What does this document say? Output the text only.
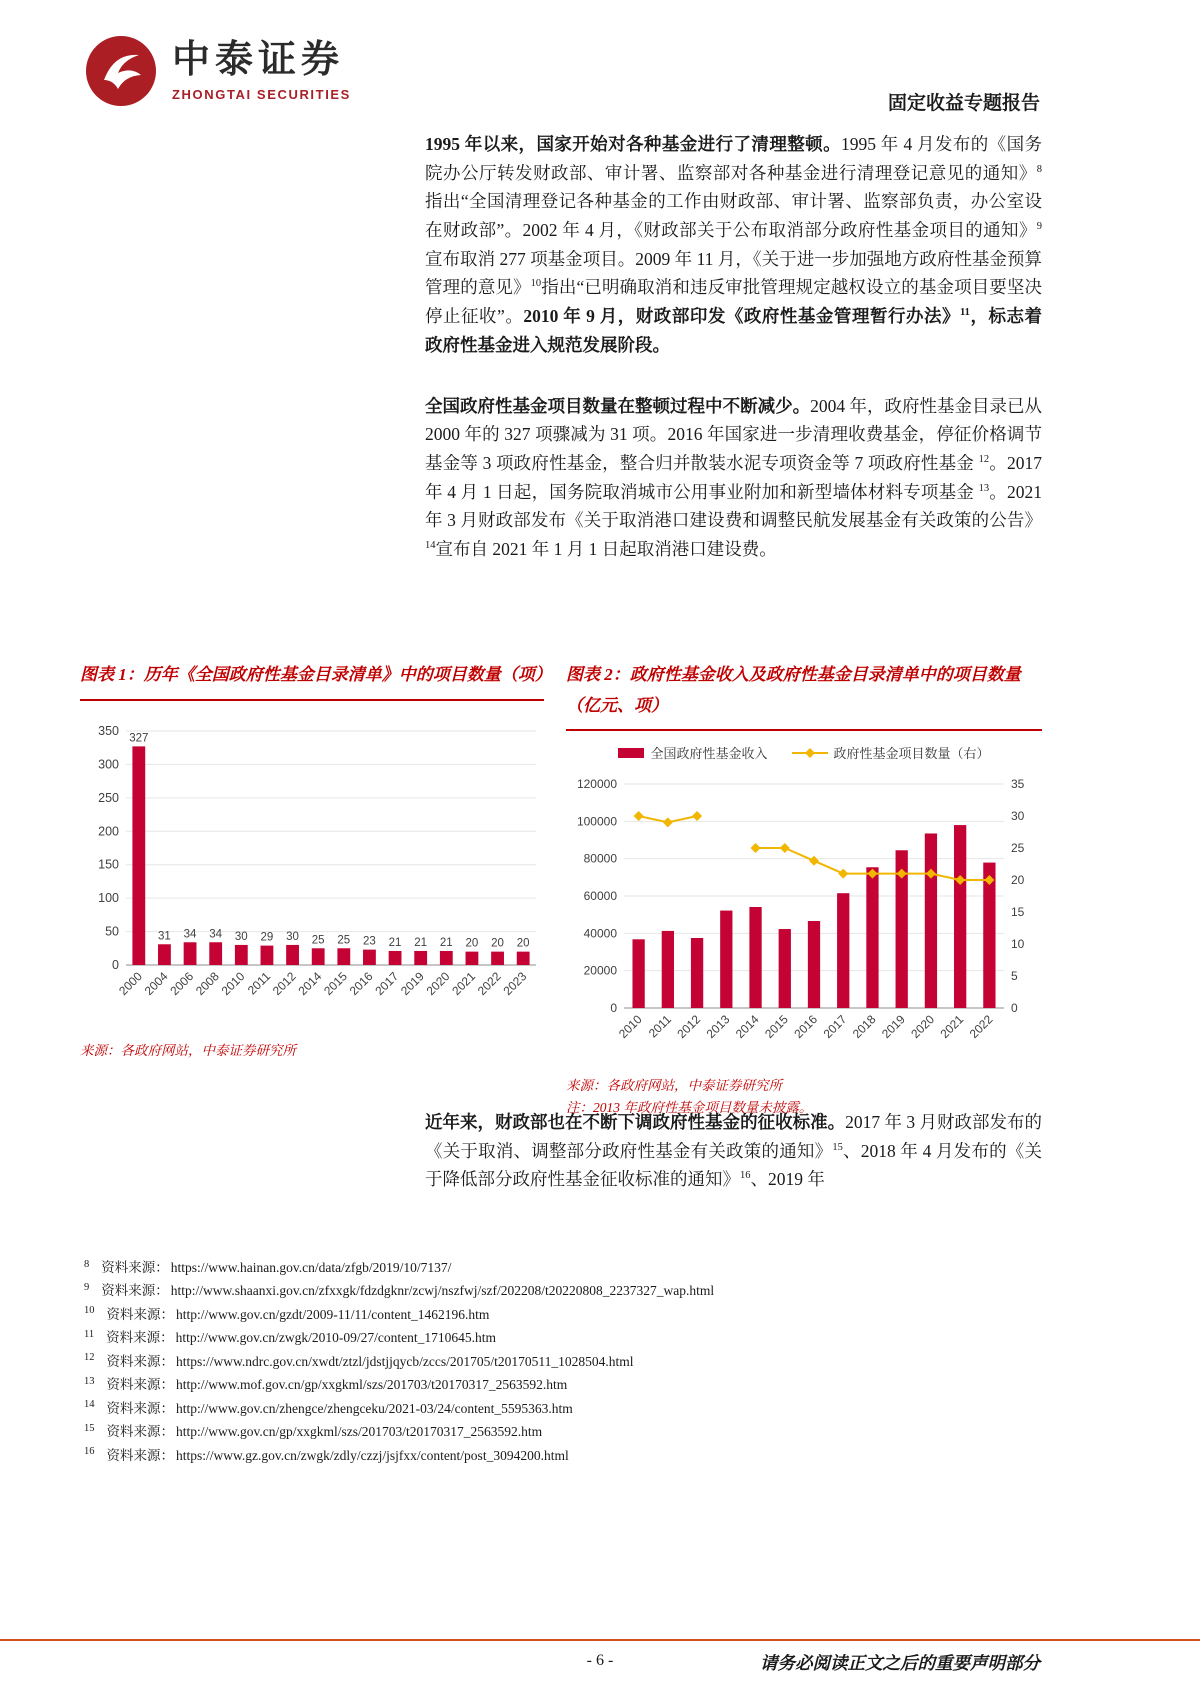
中泰证券
ZHONGTAI SECURITIES	固定收益专题报告
1995 年以来，国家开始对各种基金进行了清理整顿。1995 年 4 月发布的《国务院办公厅转发财政部、审计署、监察部对各种基金进行清理登记意见的通知》$^8$指出“全国清理登记各种基金的工作由财政部、审计署、监察部负责，办公室设在财政部”。2002 年 4 月，《财政部关于公布取消部分政府性基金项目的通知》$^9$宣布取消 277 项基金项目。2009 年 11 月，《关于进一步加强地方政府性基金预算管理的意见》$^{10}$指出“已明确取消和违反审批管理规定越权设立的基金项目要坚决停止征收”。2010 年 9 月，财政部印发《政府性基金管理暂行办法》$^{11}$，标志着政府性基金进入规范发展阶段。
全国政府性基金项目数量在整顿过程中不断减少。2004 年，政府性基金目录已从 2000 年的 327 项骤减为 31 项。2016 年国家进一步清理收费基金，停征价格调节基金等 3 项政府性基金，整合归并散装水泥专项资金等 7 项政府性基金 $^{12}$。2017 年 4 月 1 日起，国务院取消城市公用事业附加和新型墙体材料专项基金 $^{13}$。2021 年 3 月财政部发布《关于取消港口建设费和调整民航发展基金有关政策的公告》$^{14}$宣布自 2021 年 1 月 1 日起取消港口建设费。
图表 1：历年《全国政府性基金目录清单》中的项目数量（项）
0
50
100
150
200
250
300
350
327
2000
31
2004
34
2006
34
2008
30
2010
29
2011
30
2012
25
2014
25
2015
23
2016
21
2017
21
2019
21
2020
20
2021
20
2022
20
2023
来源：各政府网站，中泰证券研究所
图表 2：政府性基金收入及政府性基金目录清单中的项目数量（亿元、项）
全国政府性基金收入	政府性基金项目数量（右）
0
20000
40000
60000
80000
100000
120000
0
5
10
15
20
25
30
35
2010 2011 2012 2013 2014 2015 2016 2017 2018 2019 2020 2021 2022
来源：各政府网站，中泰证券研究所
注：2013 年政府性基金项目数量未披露。
近年来，财政部也在不断下调政府性基金的征收标准。2017 年 3 月财政部发布的《关于取消、调整部分政府性基金有关政策的通知》$^{15}$、2018 年 4 月发布的《关于降低部分政府性基金征收标准的通知》$^{16}$、2019 年
$^8$ 资料来源： https://www.hainan.gov.cn/data/zfgb/2019/10/7137/
$^9$ 资料来源： http://www.shaanxi.gov.cn/zfxxgk/fdzdgknr/zcwj/nszfwj/szf/202208/t20220808_2237327_wap.html
$^{10}$ 资料来源： http://www.gov.cn/gzdt/2009-11/11/content_1462196.htm
$^{11}$ 资料来源： http://www.gov.cn/zwgk/2010-09/27/content_1710645.htm
$^{12}$ 资料来源： https://www.ndrc.gov.cn/xwdt/ztzl/jdstjjqycb/zccs/201705/t20170511_1028504.html
$^{13}$ 资料来源： http://www.mof.gov.cn/gp/xxgkml/szs/201703/t20170317_2563592.htm
$^{14}$ 资料来源： http://www.gov.cn/zhengce/zhengceku/2021-03/24/content_5595363.htm
$^{15}$ 资料来源： http://www.gov.cn/gp/xxgkml/szs/201703/t20170317_2563592.htm
$^{16}$ 资料来源： https://www.gz.gov.cn/zwgk/zdly/czzj/jsjfxx/content/post_3094200.html
- 6 -	请务必阅读正文之后的重要声明部分
